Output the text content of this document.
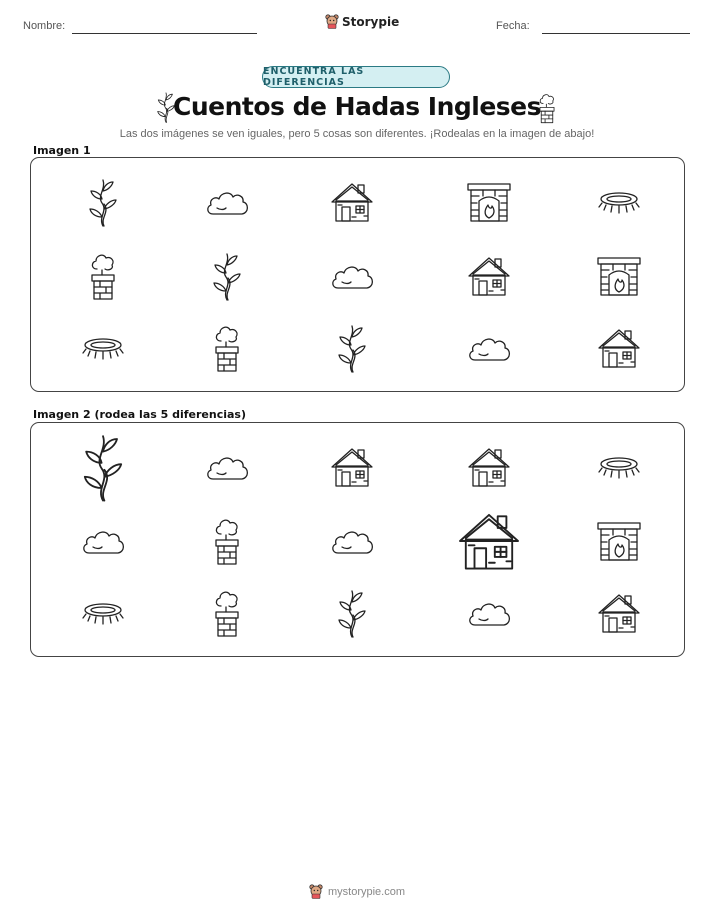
Nombre:	Storypie	Fecha:
ENCUENTRA LAS DIFERENCIAS
Cuentos de Hadas Ingleses
Las dos imágenes se ven iguales, pero 5 cosas son diferentes. ¡Rodealas en la imagen de abajo!
Imagen 1
Imagen 2 (rodea las 5 diferencias)
mystorypie.com
